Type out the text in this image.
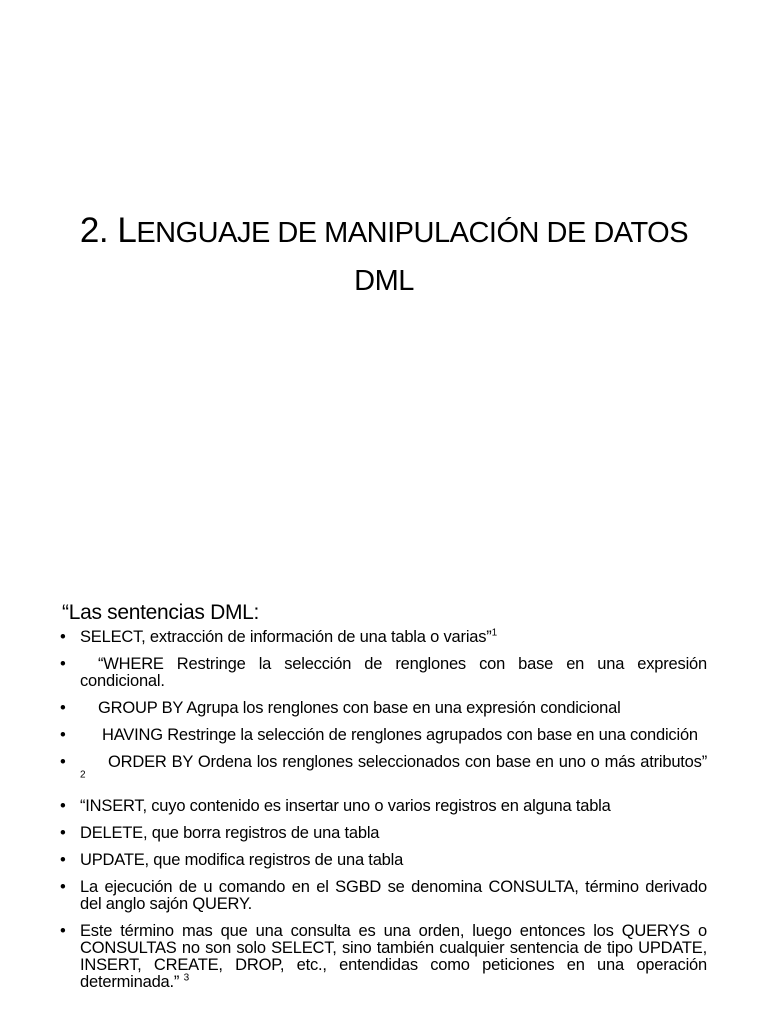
2. LENGUAJE DE MANIPULACIÓN DE DATOS
DML
“Las sentencias DML:
• SELECT, extracción de información de una tabla o varias”$^1$
• “WHERE Restringe la selección de renglones con base en una expresión condicional.
• GROUP BY Agrupa los renglones con base en una expresión condicional
• HAVING Restringe la selección de renglones agrupados con base en una condición
•	ORDER BY Ordena los renglones seleccionados con base en uno o más atributos” $^2$
• “INSERT, cuyo contenido es insertar uno o varios registros en alguna tabla
• DELETE, que borra registros de una tabla
• UPDATE, que modifica registros de una tabla
• La ejecución de u comando en el SGBD se denomina CONSULTA, término derivado del anglo sajón QUERY.
• Este término mas que una consulta es una orden, luego entonces los QUERYS o CONSULTAS no son solo SELECT, sino también cualquier sentencia de tipo UPDATE, INSERT, CREATE, DROP, etc., entendidas como peticiones en una operación determinada.” $^3$
